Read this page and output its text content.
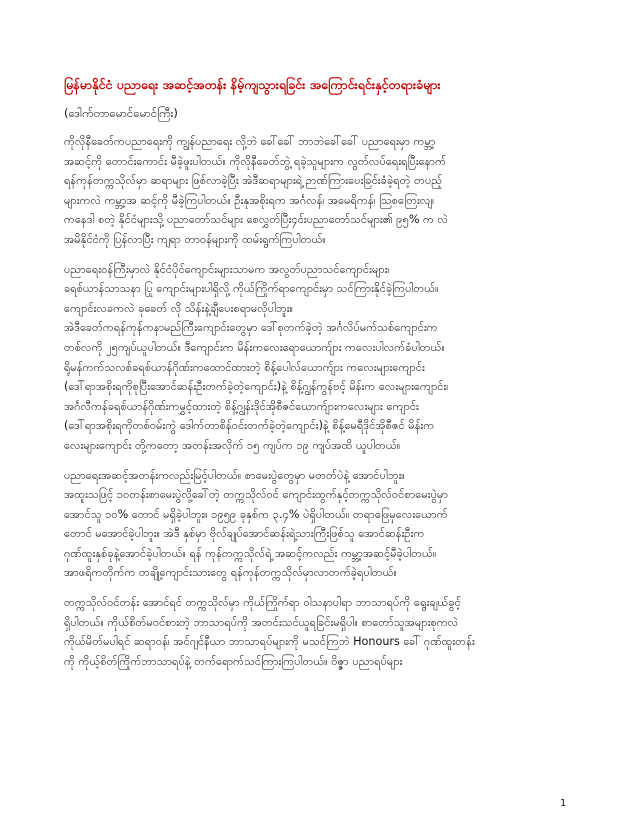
မြန်မာနိုင်ငံ ပညာရေး အဆင့်အတန်း နိမ့်ကျသွားရခြင်း အကြောင်းရင်းနှင့်တရားခံများ
(ဒေါက်တာမောင်မောင်ကြီး)
ကိုလိုနီခေတ်ကပညာရေးကို ကျွန်ပညာရေး လို့ဘဲ ခေါ်ခေါ် ဘာဘဲခေါ်ခေါ် ပညာရေးမှာ ကမ္ဘာ့
အဆင့်ကို တောင်းကောင်း မီခဲ့ဖူးပါတယ်။ ကိုလိုနီခေတ်ဘွဲ့ ရခဲ့သူများက လွတ်လပ်ရေးရပြီးနောက်
ရန်ကုန်တက္ကသိုလ်မှာ ဆရာများ ဖြစ်လာခဲ့ပြီး အဲဒီဆရာများရဲ့ ဉာဏ်ကြားပေးခြင်းခံခဲ့ရတဲ့ တပည့်
များကလဲ ကမ္ဘာ့အ ဆင့်ကို မီခဲ့ကြပါတယ်။ ဦးနုအစိုးရက အင်္ဂလန်၊ အမေရိကန်၊ ဩစတြေးလျ၊
ကနေဒါ စတဲ့ နိုင်ငံများသို့ ပညာတော်သင်များ စေလွှတ်ပြီး၄င်းပညာတော်သင်များ၏ ၉၅% က လဲ
အမိနိုင်ငံကို ပြန်လာပြီး ကျရာ တာဝန်များကို ထမ်းရွက်ကြပါတယ်။
ပညာရေးဝန်ကြီးမှာလဲ နိုင်ငံပိုင်ကျောင်းများသာမက အလွတ်ပညာသင်ကျောင်းများ၊
ခရစ်ယာန်သာသနာ ပြု ကျောင်းများပါရှိလို့ ကိုယ်ကြိုက်ရာကျောင်းမှာ သင်ကြားနိုင်ခဲ့ကြပါတယ်။
ကျောင်းလခကလဲ ခုခေတ် လို သိန်းနဲ့ချီပေးစရာမလိုပါဘူး။
အဲဒီခေတ်ကရန်ကုန်ကနာမည်ကြီးကျောင်းတွေမှာ ဒေါ်စုတက်ခဲ့တဲ့ အင်္ဂလိပ်မက်သစ်ကျောင်းက
တစ်လကို ၂၅ကျပ်ယူပါတယ်။ ဒီကျောင်းက မိန်းကလေးရော‌ယောက်ျား ကလေးပါလက်ခံပါတယ်။
ရိုမန်ကက်သလစ်ခရစ်ယာန်ဂိုဏ်းကထောင်ထားတဲ့ စိန့်ပေါလ်ယောက်ျား ကလေးများကျောင်း
(ဒေါ်ရာအစိုးရကိုစုပြီးအောင်ဆန်းဦးတက်ခဲ့တဲ့ကျောင်း)နဲ့ စိန့်ဂျွန်ကွန်ဗင့် မိန်းက လေးများကျောင်း၊
အင်္ဂလီကန်ခရစ်ယာန်ဂိုဏ်းကမွှင့်ထားတဲ့ စိန့်ဂျွန်းဒိုင်အိုစီဇင်ယောက်ျားကလေးများ ကျောင်း
(ဒေါ်ရာအစိုးရကိုတစ်ဝမ်းကွဲ ဒေါက်တာစိန်ဝင်းတက်ခဲ့တဲ့ကျောင်း)နဲ့ စိန့်မေရီဒိုင်အိုစီဇင် မိန်းက
လေးများကျောင်း တို့ကတော့ အတန်းအလိုက် ၁၅ ကျပ်က ၁၉ ကျပ်အထိ ယူပါတယ်။
ပညာရေးအဆင့်အတန်းကလည်းမြင့်ပါတယ်။ စာမေးပွဲတွေမှာ မတတ်ပဲနဲ့ အောင်ပါဘူး။
အထူးသဖြင့် ၁၀တန်းစာမေးပွဲလို့ခေါ်တဲ့ တက္ကသိုလ်ဝင် ကျောင်းထွက်နှင့်တက္ကသိုလ်ဝင်စာမေးပွဲမှာ
အောင်သူ ၁၀% တောင် မရှိခဲ့ပါဘူး။ ၁၉၅၉ ခုနှစ်က ၃.၄% ပဲရှိပါတယ်။ တရာဖြေမှလေးယောက်
တောင် မအောင်ခဲ့ပါဘူး။ အဲဒီ နှစ်မှာ ဗိုလ်ချုပ်အောင်ဆန်းရဲ့သားကြီးဖြစ်သူ အောင်ဆန်းဦးက
ဂုဏ်ထူးနှစ်ခုနဲ့အောင်ခဲ့ပါတယ်။ ရန် ကုန်တက္ကသိုလ်ရဲ့ အဆင့်ကလည်း ကမ္ဘာ့အဆင့်မီခဲ့ပါတယ်။
အာဖရိကတိုက်က တချို့ကျောင်းသားတွေ ရန်ကုန်တက္ကသိုလ်မှာလာတက်ခဲ့ရပါတယ်။
တက္ကသိုလ်ဝင်တန်း အောင်ရင် တက္ကသိုလ်မှာ ကိုယ်ကြိုက်ရာ ဝါသနာပါရာ ဘာသာရပ်ကို ရွေးချယ်ခွင့်
ရှိပါတယ်။ ကိုယ်စိတ်မဝင်စားတဲ့ ဘာသာရပ်ကို အတင်းသင်ယူရခြင်းမရှိပါ။ စာတော်သူအများစုကလဲ
ကိုယ်မိတ်မပါရင် ဆရာဝန်၊ အင်ဂျင်နီယာ ဘာသာရပ်များကို မသင်ကြဘဲ Honours ခေါ် ဂုဏ်ထူးတန်း
ကို ကိုယ့်စိတ်ကြိုက်ဘာသာရပ်နဲ့ တက်ရောက်သင်ကြားကြပါတယ်။ ဝိဇ္ဇာ ပညာရပ်များ
1
